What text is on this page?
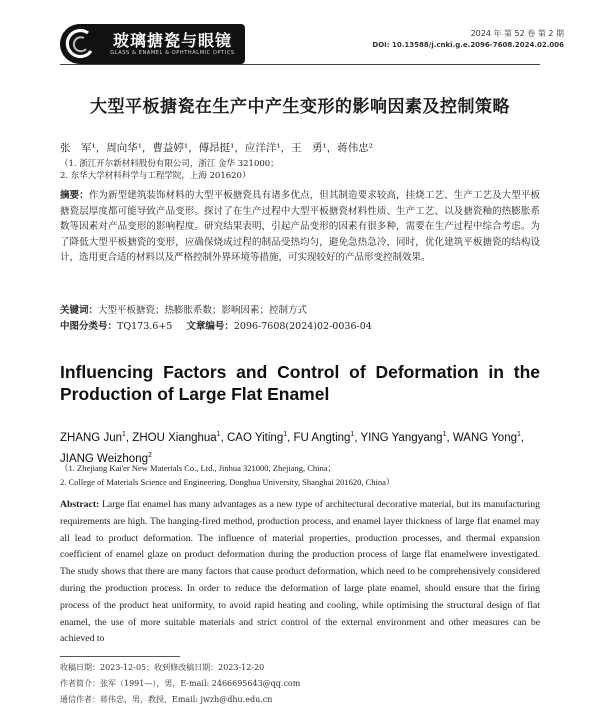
玻璃搪瓷与眼镜
GLASS & ENAMEL & OPHTHALMIC OPTICS
2024 年 第 52 卷 第 2 期
DOI: 10.13588/j.cnki.g.e.2096-7608.2024.02.006
大型平板搪瓷在生产中产生变形的影响因素及控制策略
张　军¹，周向华¹，曹益婷¹，傅昂挺¹，应洋洋¹，王　勇¹，蒋伟忠²
（1. 浙江开尔新材料股份有限公司，浙江 金华 321000；
2. 东华大学材料科学与工程学院，上海 201620）
摘要：作为新型建筑装饰材料的大型平板搪瓷具有诸多优点，但其制造要求较高，挂烧工艺、生产工艺及大型平板搪瓷层厚度都可能导致产品变形。探讨了在生产过程中大型平板搪瓷材料性质、生产工艺、以及搪瓷釉的热膨胀系数等因素对产品变形的影响程度。研究结果表明，引起产品变形的因素有很多种，需要在生产过程中综合考虑。为了降低大型平板搪瓷的变形，应确保烧成过程的制品受热均匀，避免急热急冷，同时，优化建筑平板搪瓷的结构设计，选用更合适的材料以及严格控制外界环境等措施，可实现较好的产品形变控制效果。
关键词：大型平板搪瓷；热膨胀系数；影响因素；控制方式
中图分类号：TQ173.6+5 文章编号：2096-7608(2024)02-0036-04
Influencing Factors and Control of Deformation in the Production of Large Flat Enamel
ZHANG Jun$^1$, ZHOU Xianghua$^1$, CAO Yiting$^1$, FU Angting$^1$, YING Yangyang$^1$, WANG Yong$^1$, JIANG Weizhong$^2$
（1. Zhejiang Kai'er New Materials Co., Ltd., Jinhua 321000, Zhejiang, China；
2. College of Materials Science and Engineering, Donghua University, Shanghai 201620, China）
Abstract: Large flat enamel has many advantages as a new type of architectural decorative material, but its manufacturing requirements are high. The hanging-fired method, production process, and enamel layer thickness of large flat enamel may all lead to product deformation. The influence of material properties, production processes, and thermal expansion coefficient of enamel glaze on product deformation during the production process of large flat enamelwere investigated. The study shows that there are many factors that cause product deformation, which need to be comprehensively considered during the production process. In order to reduce the deformation of large plate enamel, should ensure that the firing process of the product heat uniformity, to avoid rapid heating and cooling, while optimising the structural design of flat enamel, the use of more suitable materials and strict control of the external environment and other measures can be achieved to
收稿日期：2023-12-05；收到修改稿日期：2023-12-20
作者简介：张军（1991—），男，E-mail: 2466695643@qq.com
通信作者：蒋伟忠，男，教授，Email: jwzh@dhu.edu.cn
